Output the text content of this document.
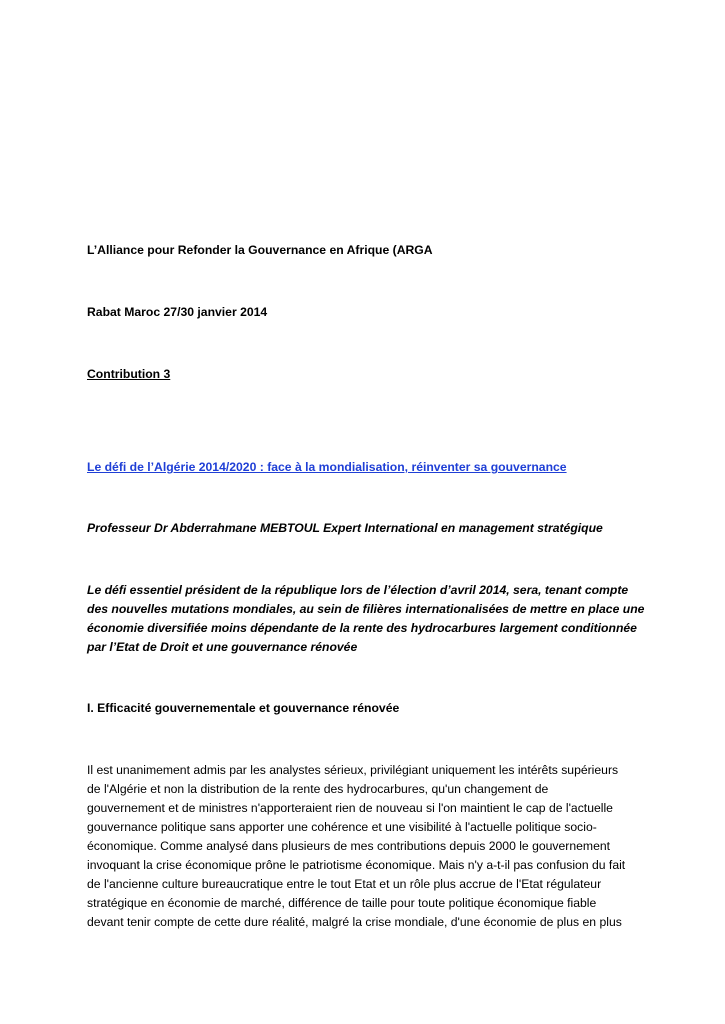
L’Alliance pour Refonder la Gouvernance en Afrique (ARGA
Rabat Maroc 27/30 janvier 2014
Contribution 3
Le défi de l’Algérie 2014/2020 : face à la mondialisation, réinventer sa gouvernance
Professeur Dr Abderrahmane MEBTOUL Expert International en management stratégique
Le défi essentiel président de la république lors de l’élection d’avril 2014, sera, tenant compte
des nouvelles mutations mondiales, au sein de filières internationalisées de mettre en place une
économie diversifiée moins dépendante de la rente des hydrocarbures largement conditionnée
par l’Etat de Droit et une gouvernance rénovée
I. Efficacité gouvernementale et gouvernance rénovée
Il est unanimement admis par les analystes sérieux, privilégiant uniquement les intérêts supérieurs
de l'Algérie et non la distribution de la rente des hydrocarbures, qu'un changement de
gouvernement et de ministres n'apporteraient rien de nouveau si l'on maintient le cap de l'actuelle
gouvernance politique sans apporter une cohérence et une visibilité à l'actuelle politique socio-
économique. Comme analysé dans plusieurs de mes contributions depuis 2000 le gouvernement
invoquant la crise économique prône le patriotisme économique. Mais n'y a-t-il pas confusion du fait
de l'ancienne culture bureaucratique entre le tout Etat et un rôle plus accrue de l'Etat régulateur
stratégique en économie de marché, différence de taille pour toute politique économique fiable
devant tenir compte de cette dure réalité, malgré la crise mondiale, d'une économie de plus en plus
